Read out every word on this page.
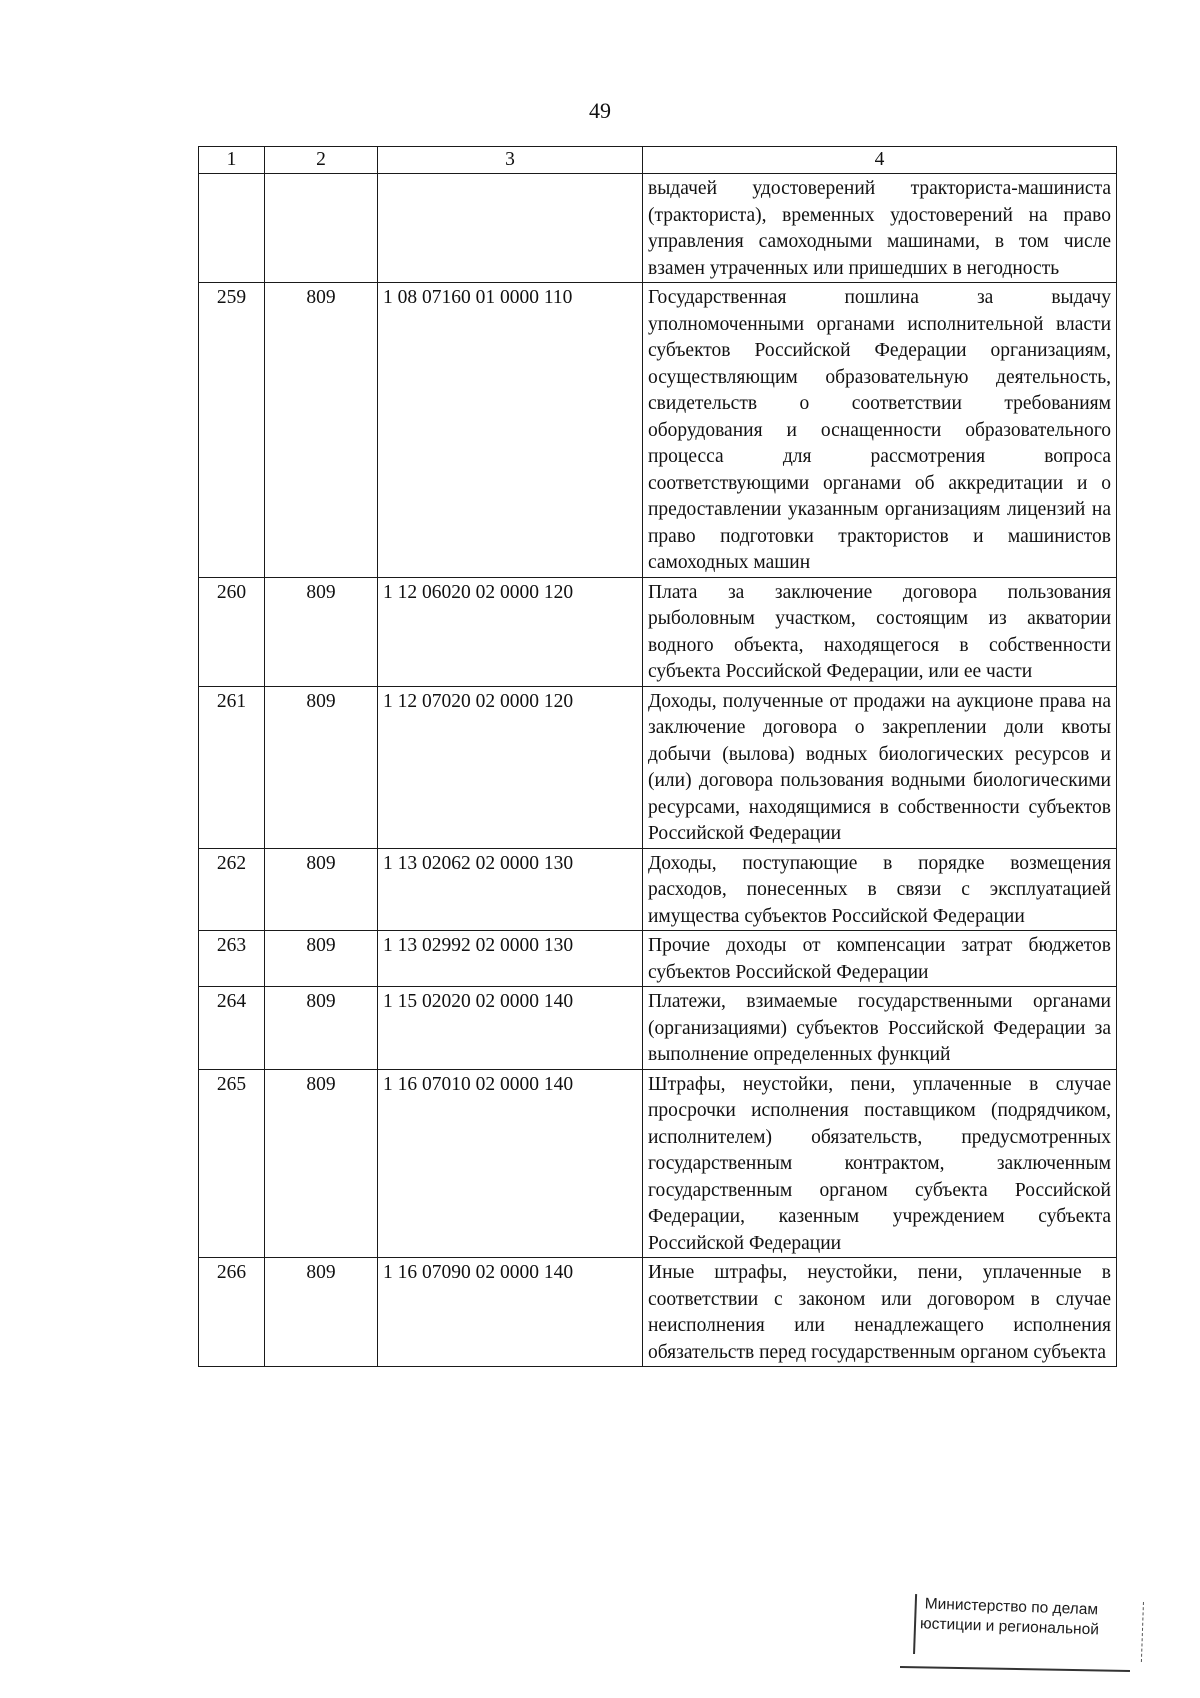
49
1	2	3	4
			выдачей удостоверений тракториста-машиниста (тракториста), временных удостоверений на право управления самоходными машинами, в том числе взамен утраченных или пришедших в негодность
259	809	1 08 07160 01 0000 110	Государственная пошлина за выдачу уполномоченными органами исполнительной власти субъектов Российской Федерации организациям, осуществляющим образовательную деятельность, свидетельств о соответствии требованиям оборудования и оснащенности образовательного процесса для рассмотрения вопроса соответствующими органами об аккредитации и о предоставлении указанным организациям лицензий на право подготовки трактористов и машинистов самоходных машин
260	809	1 12 06020 02 0000 120	Плата за заключение договора пользования рыболовным участком, состоящим из акватории водного объекта, находящегося в собственности субъекта Российской Федерации, или ее части
261	809	1 12 07020 02 0000 120	Доходы, полученные от продажи на аукционе права на заключение договора о закреплении доли квоты добычи (вылова) водных биологических ресурсов и (или) договора пользования водными биологическими ресурсами, находящимися в собственности субъектов Российской Федерации
262	809	1 13 02062 02 0000 130	Доходы, поступающие в порядке возмещения расходов, понесенных в связи с эксплуатацией имущества субъектов Российской Федерации
263	809	1 13 02992 02 0000 130	Прочие доходы от компенсации затрат бюджетов субъектов Российской Федерации
264	809	1 15 02020 02 0000 140	Платежи, взимаемые государственными органами (организациями) субъектов Российской Федерации за выполнение определенных функций
265	809	1 16 07010 02 0000 140	Штрафы, неустойки, пени, уплаченные в случае просрочки исполнения поставщиком (подрядчиком, исполнителем) обязательств, предусмотренных государственным контрактом, заключенным государственным органом субъекта Российской Федерации, казенным учреждением субъекта Российской Федерации
266	809	1 16 07090 02 0000 140	Иные штрафы, неустойки, пени, уплаченные в соответствии с законом или договором в случае неисполнения или ненадлежащего исполнения обязательств перед государственным органом субъекта
Министерство по делам
юстиции и региональной
